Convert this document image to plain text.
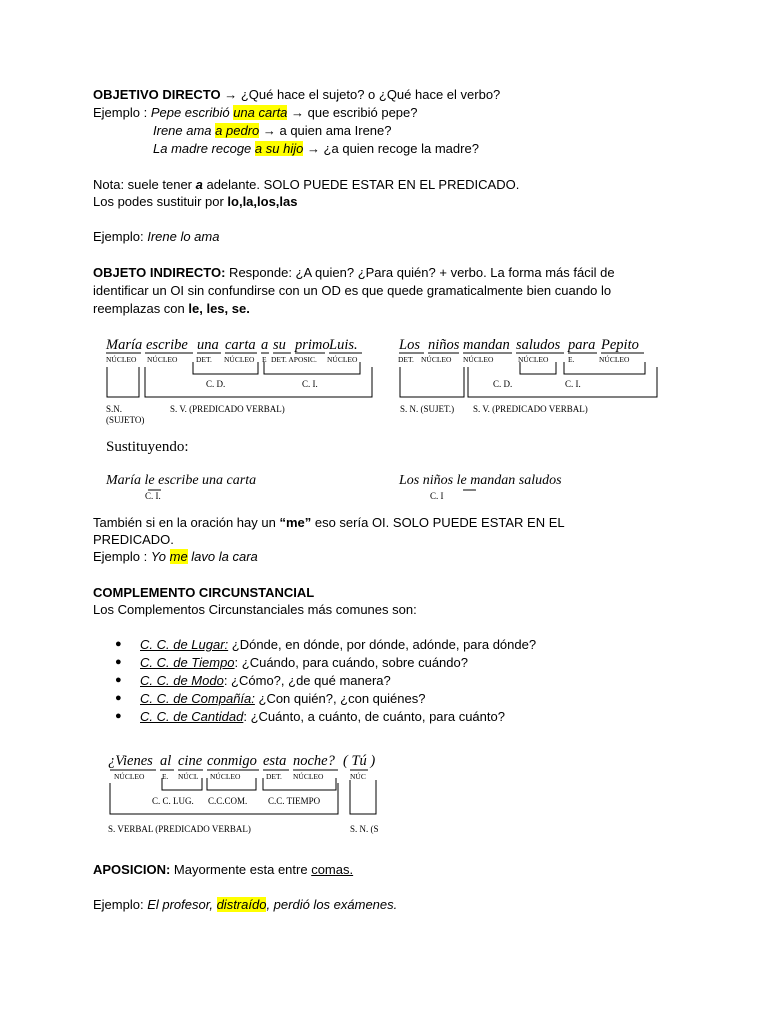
OBJETIVO DIRECTO → ¿Qué hace el sujeto? o ¿Qué hace el verbo?
Ejemplo : Pepe escribió una carta → que escribió pepe?
Irene ama a pedro → a quien ama Irene?
La madre recoge a su hijo → ¿a quien recoge la madre?
Nota: suele tener a adelante. SOLO PUEDE ESTAR EN EL PREDICADO.
Los podes sustituir por lo,la,los,las
Ejemplo: Irene lo ama
OBJETO INDIRECTO: Responde: ¿A quien? ¿Para quién? + verbo. La forma más fácil de
identificar un OI sin confundirse con un OD es que quede gramaticalmente bien cuando lo
reemplazas con le, les, se.
María escribe una carta a su primo Luis.
NÚCLEO NÚCLEO DET. NÚCLEO E DET. APOSIC. NÚCLEO
C. D.	C. I.
S.N.
(SUJETO)
S. V. (PREDICADO VERBAL)
Los niños mandan saludos para Pepito
DET. NÚCLEO NÚCLEO	NÚCLEO	E.	NÚCLEO
C. D.	C. I.
S. N. (SUJET.) S. V. (PREDICADO VERBAL)
Sustituyendo:
María le escribe una carta
C. I.
Los niños le mandan saludos
C. I
También si en la oración hay un “me” eso sería OI. SOLO PUEDE ESTAR EN EL
PREDICADO.
Ejemplo : Yo me lavo la cara
COMPLEMENTO CIRCUNSTANCIAL
Los Complementos Circunstanciales más comunes son:
● C. C. de Lugar: ¿Dónde, en dónde, por dónde, adónde, para dónde?
● C. C. de Tiempo: ¿Cuándo, para cuándo, sobre cuándo?
● C. C. de Modo: ¿Cómo?, ¿de qué manera?
● C. C. de Compañía: ¿Con quién?, ¿con quiénes?
● C. C. de Cantidad: ¿Cuánto, a cuánto, de cuánto, para cuánto?
¿Vienes al cine conmigo esta noche? ( Tú )
NÚCLEO E. NÚCL NÚCLEO	DET. NÚCLEO	NÚC
C. C. LUG. C.C.COM. C.C. TIEMPO
S. VERBAL (PREDICADO VERBAL)	S. N. (S
APOSICION: Mayormente esta entre comas.
Ejemplo: El profesor, distraído, perdió los exámenes.
